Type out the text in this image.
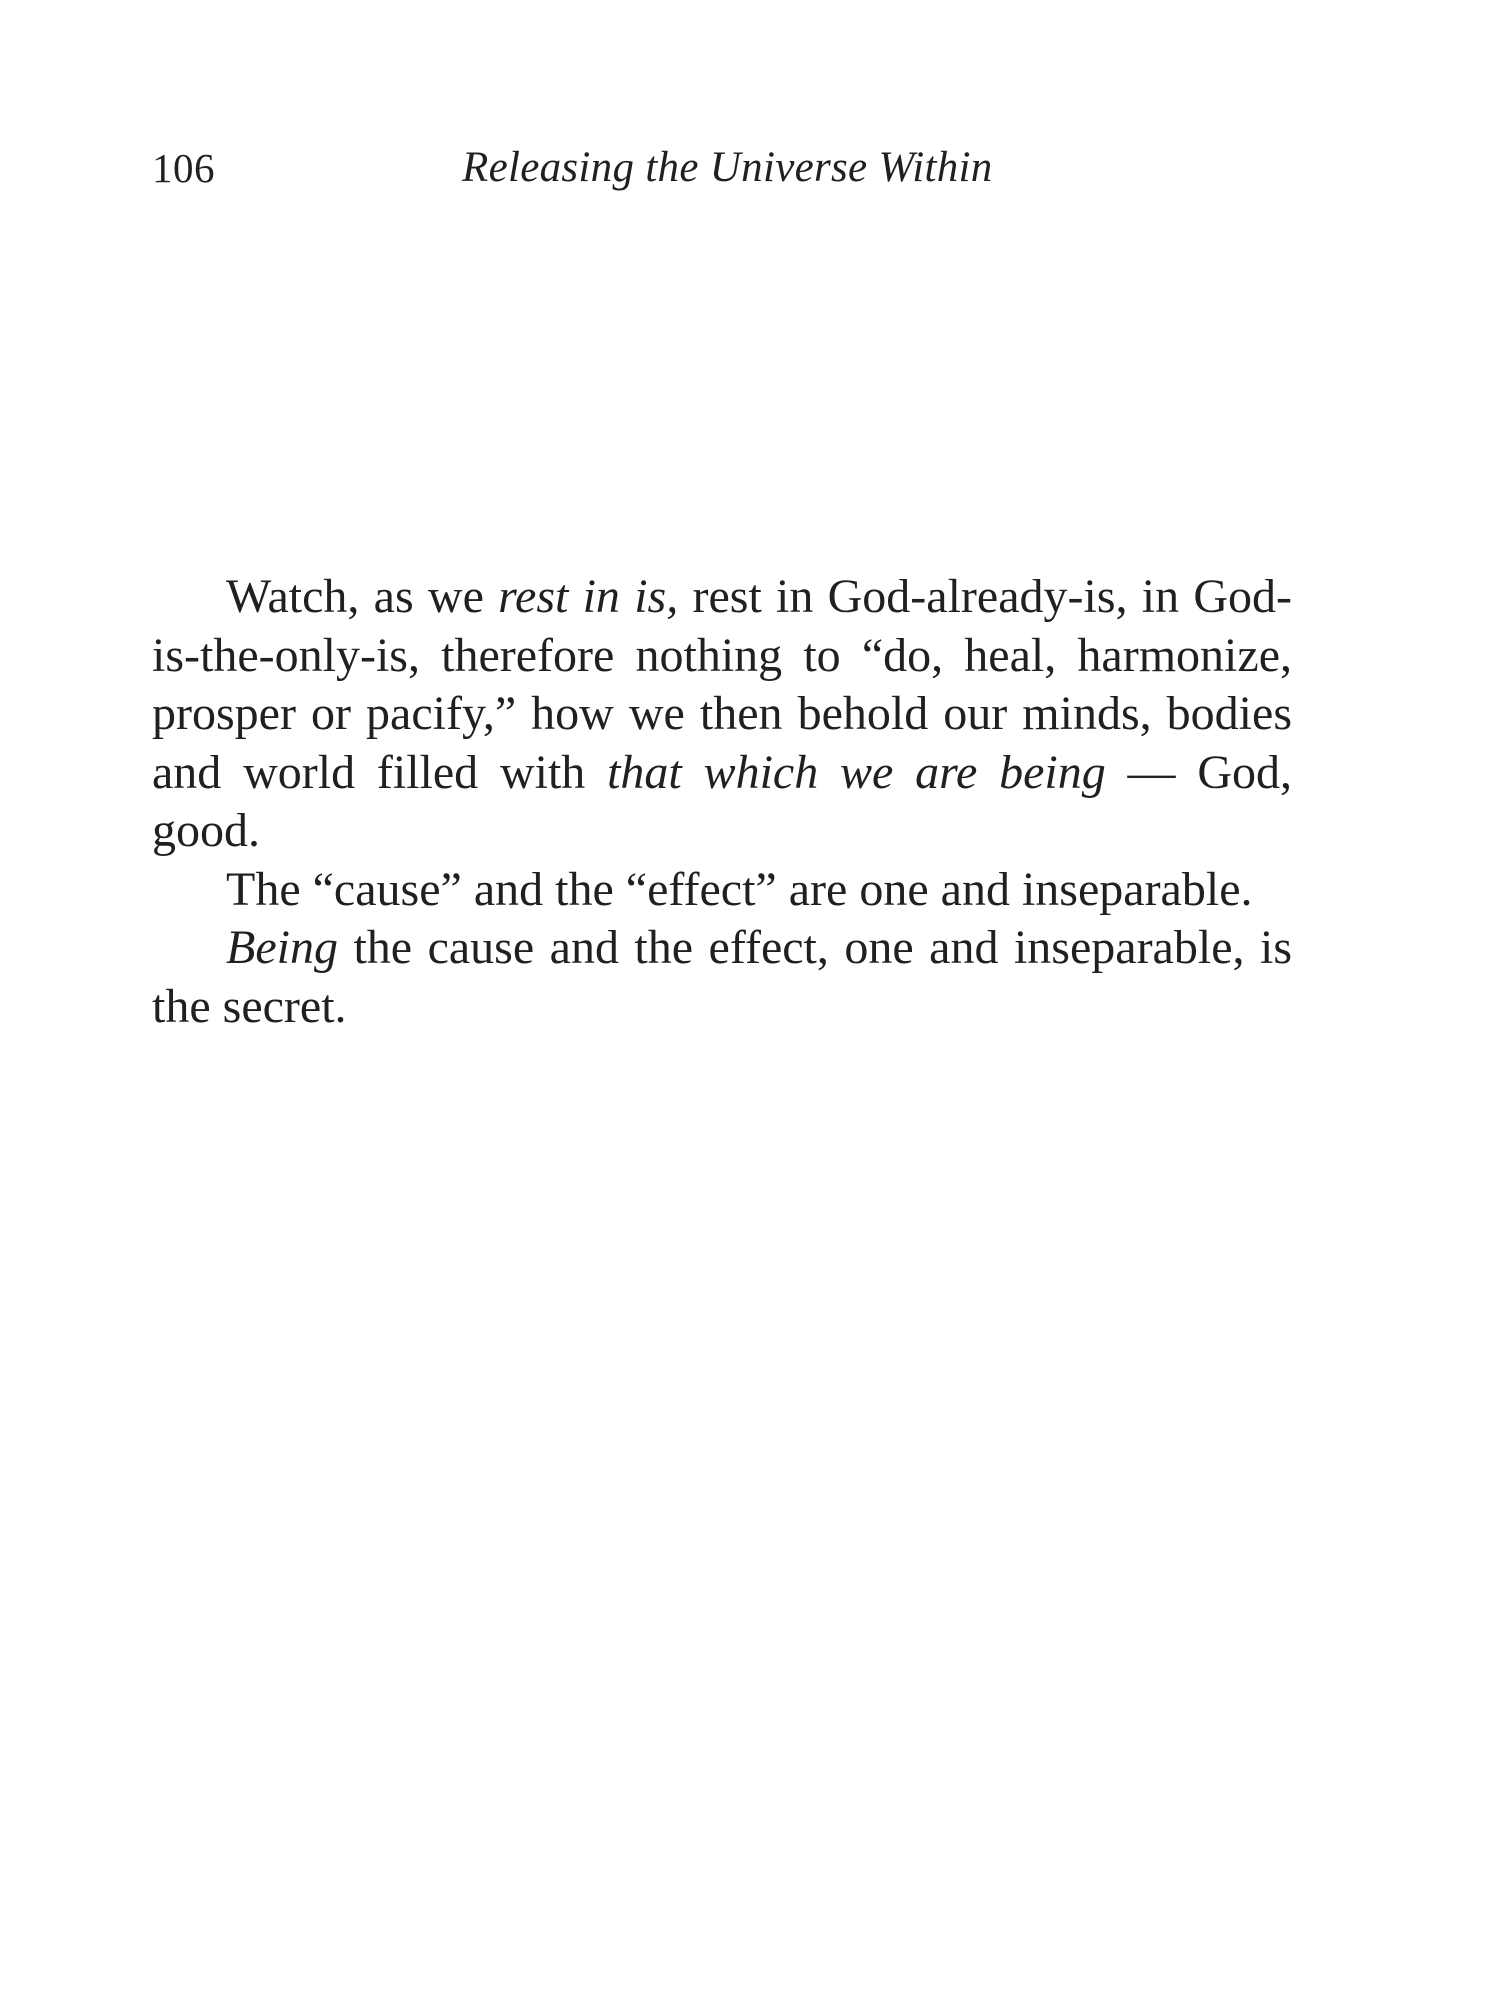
106	Releasing the Universe Within

Watch, as we rest in is, rest in God-already-is, in God-is-the-only-is, therefore nothing to “do, heal, harmonize, prosper or pacify,” how we then behold our minds, bodies and world filled with that which we are being — God, good.

The “cause” and the “effect” are one and inseparable.

Being the cause and the effect, one and inseparable, is the secret.
